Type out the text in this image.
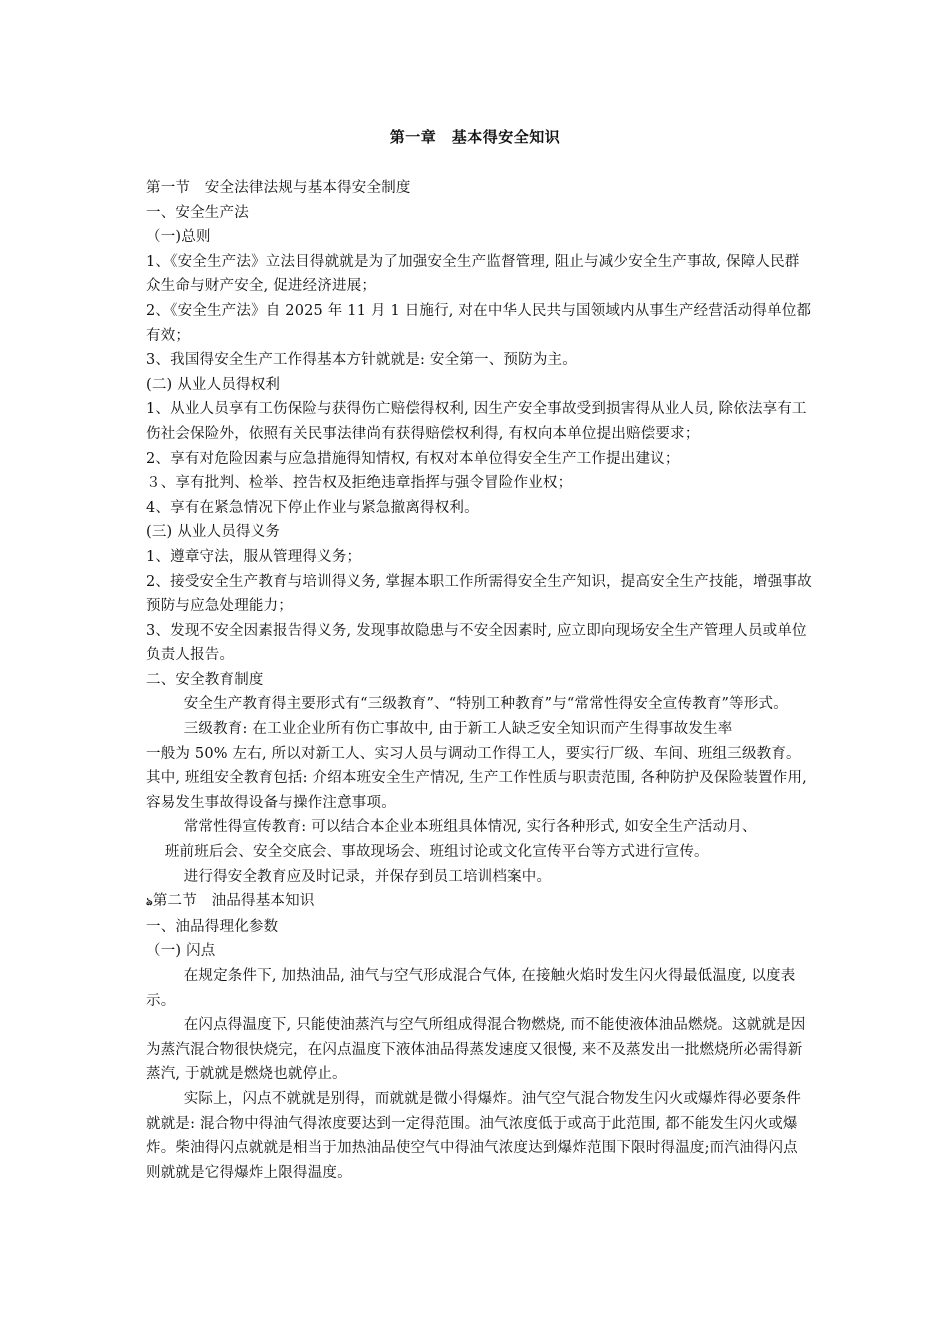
第一章　基本得安全知识

第一节　安全法律法规与基本得安全制度

一、安全生产法

（一)总则

1、《安全生产法》立法目得就就是为了加强安全生产监督管理, 阻止与减少安全生产事故, 保障人民群众生命与财产安全, 促进经济进展；

2、《安全生产法》自 2025 年 11 月 1 日施行, 对在中华人民共与国领域内从事生产经营活动得单位都有效；

3、我国得安全生产工作得基本方针就就是: 安全第一、预防为主。

(二) 从业人员得权利

1、从业人员享有工伤保险与获得伤亡赔偿得权利, 因生产安全事故受到损害得从业人员, 除依法享有工伤社会保险外，依照有关民事法律尚有获得赔偿权利得, 有权向本单位提出赔偿要求；

2、享有对危险因素与应急措施得知情权, 有权对本单位得安全生产工作提出建议；

３、享有批判、检举、控告权及拒绝违章指挥与强令冒险作业权；

4、享有在紧急情况下停止作业与紧急撤离得权利。

(三) 从业人员得义务

1、遵章守法，服从管理得义务；

2、接受安全生产教育与培训得义务, 掌握本职工作所需得安全生产知识，提高安全生产技能，增强事故预防与应急处理能力；

3、发现不安全因素报告得义务, 发现事故隐患与不安全因素时, 应立即向现场安全生产管理人员或单位负责人报告。

二、安全教育制度

安全生产教育得主要形式有“三级教育”、“特别工种教育”与“常常性得安全宣传教育”等形式。

三级教育: 在工业企业所有伤亡事故中, 由于新工人缺乏安全知识而产生得事故发生率

一般为 50% 左右, 所以对新工人、实习人员与调动工作得工人，要实行厂级、车间、班组三级教育。　 其中, 班组安全教育包括: 介绍本班安全生产情况, 生产工作性质与职责范围, 各种防护及保险装置作用, 容易发生事故得设备与操作注意事项。

常常性得宣传教育: 可以结合本企业本班组具体情况, 实行各种形式, 如安全生产活动月、

班前班后会、安全交底会、事故现场会、班组讨论或文化宣传平台等方式进行宣传。

进行得安全教育应及时记录，并保存到员工培训档案中。

ঌ第二节　油品得基本知识

一、油品得理化参数

（一) 闪点

在规定条件下, 加热油品, 油气与空气形成混合气体, 在接触火焰时发生闪火得最低温度, 以度表示。

在闪点得温度下, 只能使油蒸汽与空气所组成得混合物燃烧, 而不能使液体油品燃烧。这就就是因为蒸汽混合物很快烧完，在闪点温度下液体油品得蒸发速度又很慢, 来不及蒸发出一批燃烧所必需得新蒸汽, 于就就是燃烧也就停止。

实际上，闪点不就就是别得，而就就是微小得爆炸。油气空气混合物发生闪火或爆炸得必要条件就就是: 混合物中得油气得浓度要达到一定得范围。油气浓度低于或高于此范围, 都不能发生闪火或爆炸。柴油得闪点就就是相当于加热油品使空气中得油气浓度达到爆炸范围下限时得温度;而汽油得闪点则就就是它得爆炸上限得温度。
